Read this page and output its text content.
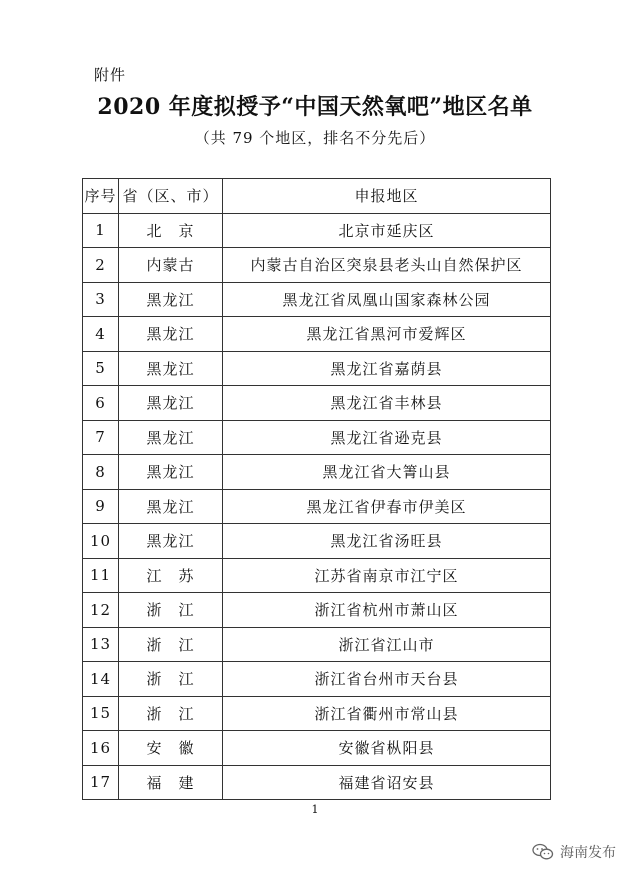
附件
2020 年度拟授予“中国天然氧吧”地区名单
（共 79 个地区，排名不分先后）
序号	省（区、市）	申报地区
1	北　京	北京市延庆区
2	内蒙古	内蒙古自治区突泉县老头山自然保护区
3	黑龙江	黑龙江省凤凰山国家森林公园
4	黑龙江	黑龙江省黑河市爱辉区
5	黑龙江	黑龙江省嘉荫县
6	黑龙江	黑龙江省丰林县
7	黑龙江	黑龙江省逊克县
8	黑龙江	黑龙江省大箐山县
9	黑龙江	黑龙江省伊春市伊美区
10	黑龙江	黑龙江省汤旺县
11	江　苏	江苏省南京市江宁区
12	浙　江	浙江省杭州市萧山区
13	浙　江	浙江省江山市
14	浙　江	浙江省台州市天台县
15	浙　江	浙江省衢州市常山县
16	安　徽	安徽省枞阳县
17	福　建	福建省诏安县
1
海南发布
